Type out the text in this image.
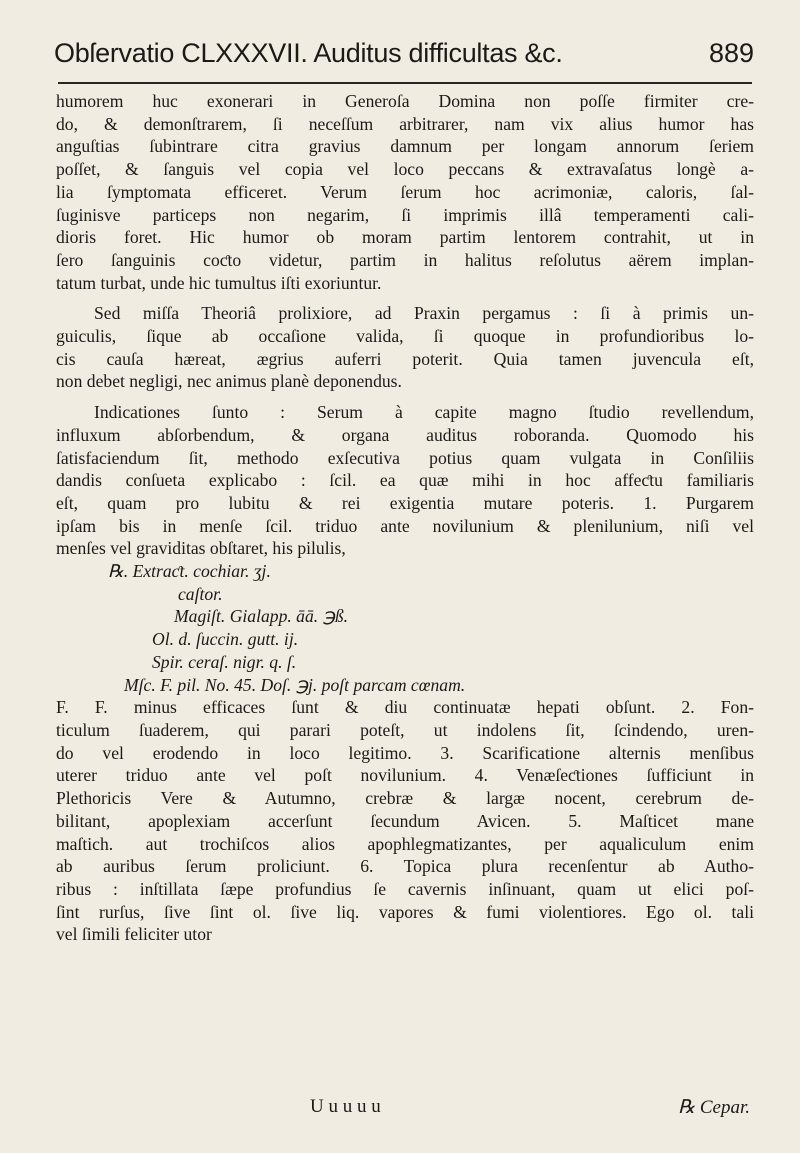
Obſervatio CLXXXVII. Auditus difficultas &c.	889
humorem huc exonerari in Generoſa Domina non poſſe firmiter cre-
do, & demonſtrarem, ſi neceſſum arbitrarer, nam vix alius humor has
anguſtias ſubintrare citra gravius damnum per longam annorum ſeriem
poſſet, & ſanguis vel copia vel loco peccans & extravaſatus longè a-
lia ſymptomata efficeret. Verum ſerum hoc acrimoniæ, caloris, ſal-
ſuginisve particeps non negarim, ſi imprimis illâ temperamenti cali-
dioris foret. Hic humor ob moram partim lentorem contrahit, ut in
ſero ſanguinis coƈto videtur, partim in halitus reſolutus aërem implan-
tatum turbat, unde hic tumultus iſti exoriuntur.
Sed miſſa Theoriâ prolixiore, ad Praxin pergamus : ſi à primis un-
guiculis, ſique ab occaſione valida, ſi quoque in profundioribus lo-
cis cauſa hæreat, ægrius auferri poterit. Quia tamen juvencula eſt,
non debet negligi, nec animus planè deponendus.
Indicationes ſunto : Serum à capite magno ſtudio revellendum,
influxum abſorbendum, & organa auditus roboranda. Quomodo his
ſatisfaciendum ſit, methodo exſecutiva potius quam vulgata in Conſiliis
dandis conſueta explicabo : ſcil. ea quæ mihi in hoc affeƈtu familiaris
eſt, quam pro lubitu & rei exigentia mutare poteris. 1. Purgarem
ipſam bis in menſe ſcil. triduo ante novilunium & plenilunium, niſi vel
menſes vel graviditas obſtaret, his pilulis,
℞. Extraƈt. cochiar. ʒj.
caſtor.
Magiſt. Gialapp. āā. ℈ß.
Ol. d. ſuccin. gutt. ij.
Spir. ceraſ. nigr. q. ſ.
Mſc. F. pil. No. 45. Doſ. ℈j. poſt parcam cœnam.
F. F. minus efficaces ſunt & diu continuatæ hepati obſunt. 2. Fon-
ticulum ſuaderem, qui parari poteſt, ut indolens ſit, ſcindendo, uren-
do vel erodendo in loco legitimo. 3. Scarificatione alternis menſibus
uterer triduo ante vel poſt novilunium. 4. Venæſeƈtiones ſufficiunt in
Plethoricis Vere & Autumno, crebræ & largæ nocent, cerebrum de-
bilitant, apoplexiam accerſunt ſecundum Avicen. 5. Maſticet mane
maſtich. aut trochiſcos alios apophlegmatizantes, per aqualiculum enim
ab auribus ſerum proliciunt. 6. Topica plura recenſentur ab Autho-
ribus : inſtillata ſæpe profundius ſe cavernis inſinuant, quam ut elici poſ-
ſint rurſus, ſive ſint ol. ſive liq. vapores & fumi violentiores. Ego ol. tali
vel ſimili feliciter utor
U u u u u	℞ Cepar.
